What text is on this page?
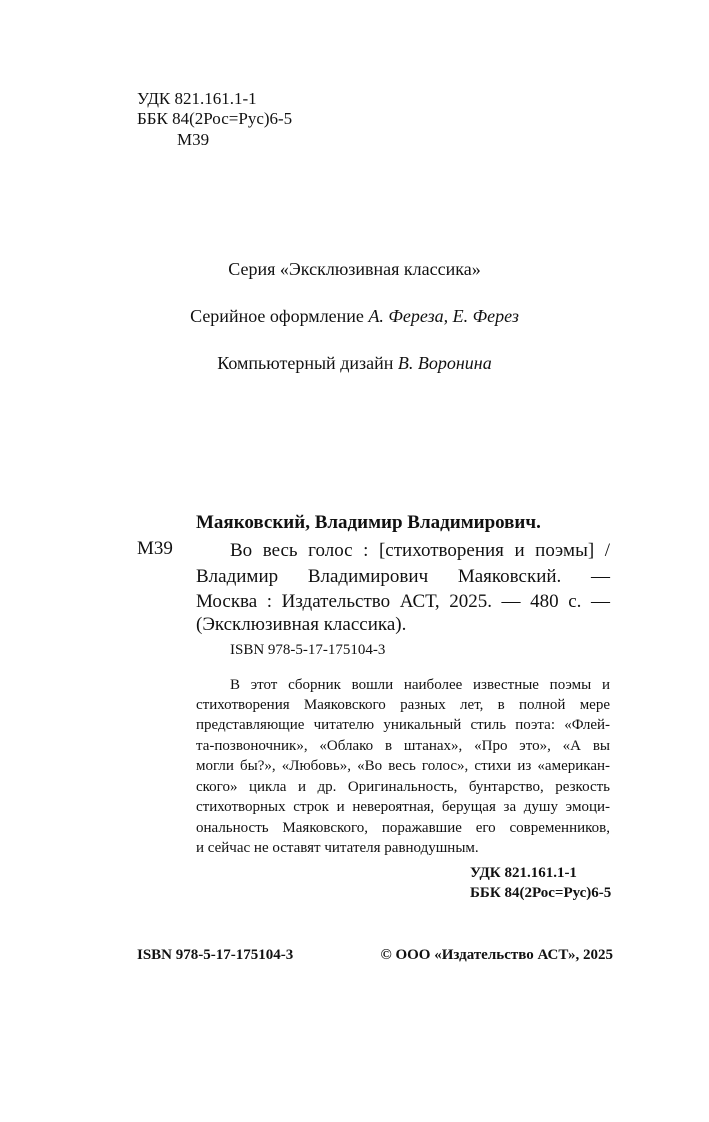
УДК 821.161.1-1
ББК 84(2Рос=Рус)6-5
М39
Серия «Эксклюзивная классика»
Серийное оформление А. Фереза, Е. Ферез
Компьютерный дизайн В. Воронина
Маяковский, Владимир Владимирович.
М39	Во весь голос : [стихотворения и поэмы] /
Владимир Владимирович Маяковский. —
Москва : Издательство АСТ, 2025. — 480 с. —
(Эксклюзивная классика).
ISBN 978-5-17-175104-3
В этот сборник вошли наиболее известные поэмы и
стихотворения Маяковского разных лет, в полной мере
представляющие читателю уникальный стиль поэта: «Флей-
та-позвоночник», «Облако в штанах», «Про это», «А вы
могли бы?», «Любовь», «Во весь голос», стихи из «американ-
ского» цикла и др. Оригинальность, бунтарство, резкость
стихотворных строк и невероятная, берущая за душу эмоци-
ональность Маяковского, поражавшие его современников,
и сейчас не оставят читателя равнодушным.
УДК 821.161.1-1
ББК 84(2Рос=Рус)6-5
ISBN 978-5-17-175104-3	© ООО «Издательство АСТ», 2025
